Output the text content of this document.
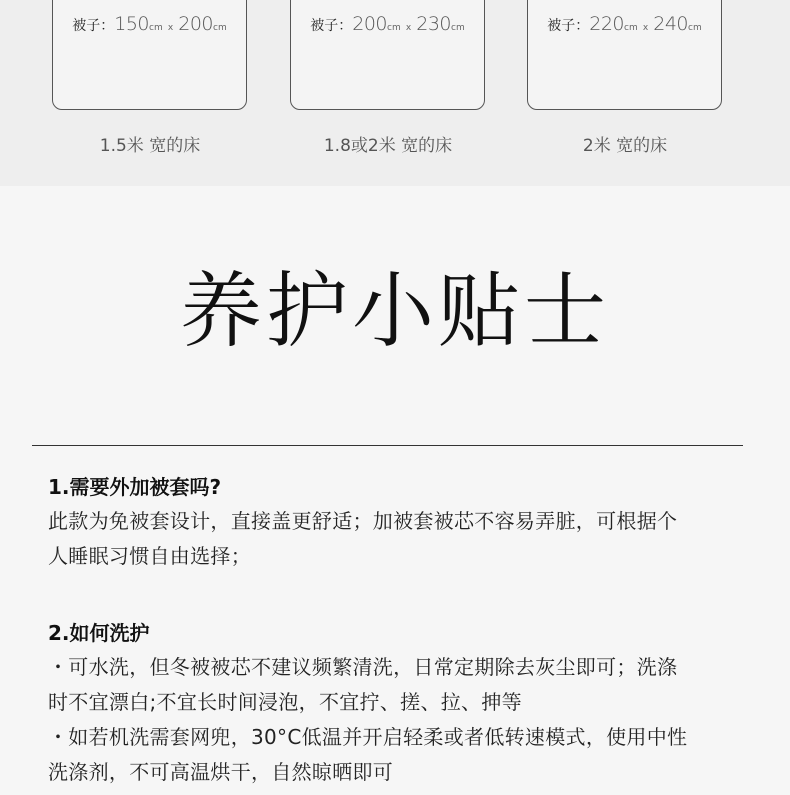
被子：150cm x 200cm
1.5米 宽的床
被子：200cm x 230cm
1.8或2米 宽的床
被子：220cm x 240cm
2米 宽的床
养护小贴士
1.需要外加被套吗?
此款为免被套设计，直接盖更舒适；加被套被芯不容易弄脏，可根据个
人睡眠习惯自由选择；
2.如何洗护
・可水洗，但冬被被芯不建议频繁清洗，日常定期除去灰尘即可；洗涤
时不宜漂白;不宜长时间浸泡，不宜拧、搓、拉、抻等
・如若机洗需套网兜，30°C低温并开启轻柔或者低转速模式，使用中性
洗涤剂，不可高温烘干，自然晾晒即可
